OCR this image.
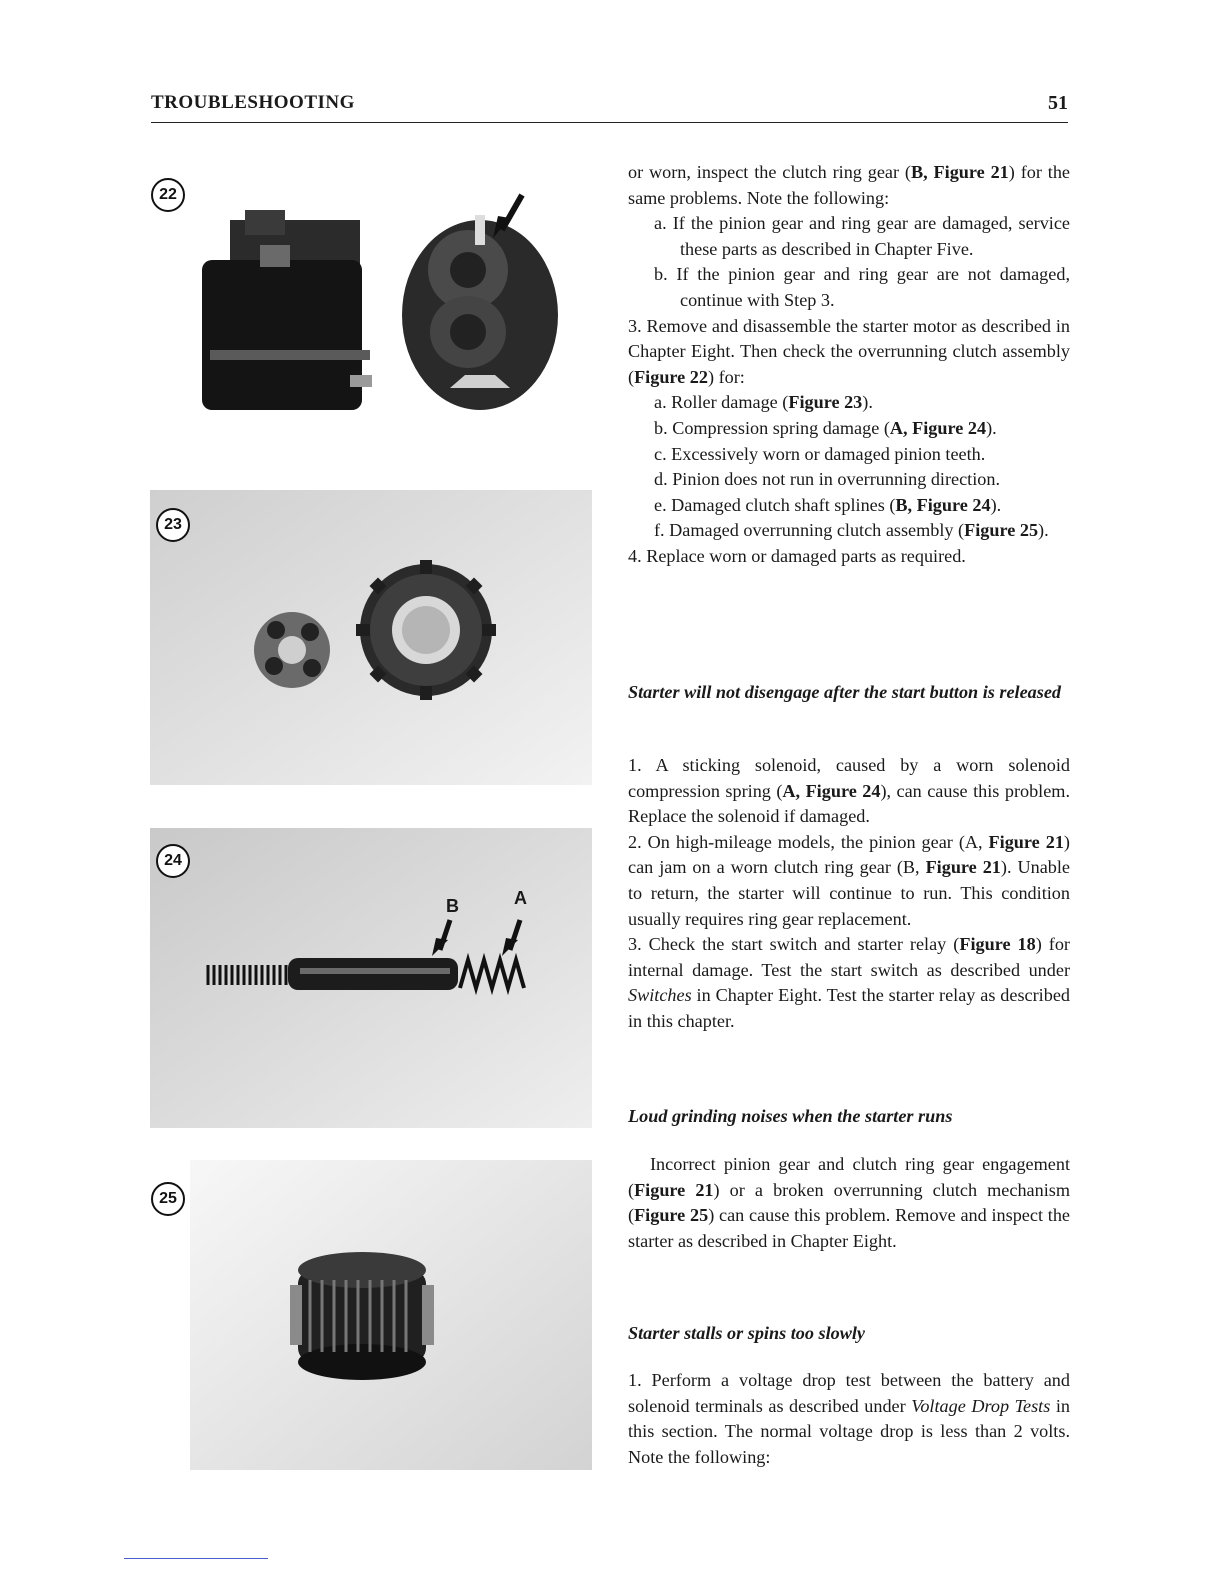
TROUBLESHOOTING	51
22
23
B	A
24
25

or worn, inspect the clutch ring gear (B, Figure 21) for the same problems. Note the following:

a. If the pinion gear and ring gear are damaged, service these parts as described in Chapter Five.

b. If the pinion gear and ring gear are not damaged, continue with Step 3.

3. Remove and disassemble the starter motor as described in Chapter Eight. Then check the overrunning clutch assembly (Figure 22) for:

a. Roller damage (Figure 23).

b. Compression spring damage (A, Figure 24).

c. Excessively worn or damaged pinion teeth.

d. Pinion does not run in overrunning direction.

e. Damaged clutch shaft splines (B, Figure 24).

f. Damaged overrunning clutch assembly (Figure 25).

4. Replace worn or damaged parts as required.

Starter will not disengage after the start button is released

1. A sticking solenoid, caused by a worn solenoid compression spring (A, Figure 24), can cause this problem. Replace the solenoid if damaged.

2. On high-mileage models, the pinion gear (A, Figure 21) can jam on a worn clutch ring gear (B, Figure 21). Unable to return, the starter will continue to run. This condition usually requires ring gear replacement.

3. Check the start switch and starter relay (Figure 18) for internal damage. Test the start switch as described under Switches in Chapter Eight. Test the starter relay as described in this chapter.

Loud grinding noises when the starter runs

Incorrect pinion gear and clutch ring gear engagement (Figure 21) or a broken overrunning clutch mechanism (Figure 25) can cause this problem. Remove and inspect the starter as described in Chapter Eight.

Starter stalls or spins too slowly

1. Perform a voltage drop test between the battery and solenoid terminals as described under Voltage Drop Tests in this section. The normal voltage drop is less than 2 volts. Note the following:
